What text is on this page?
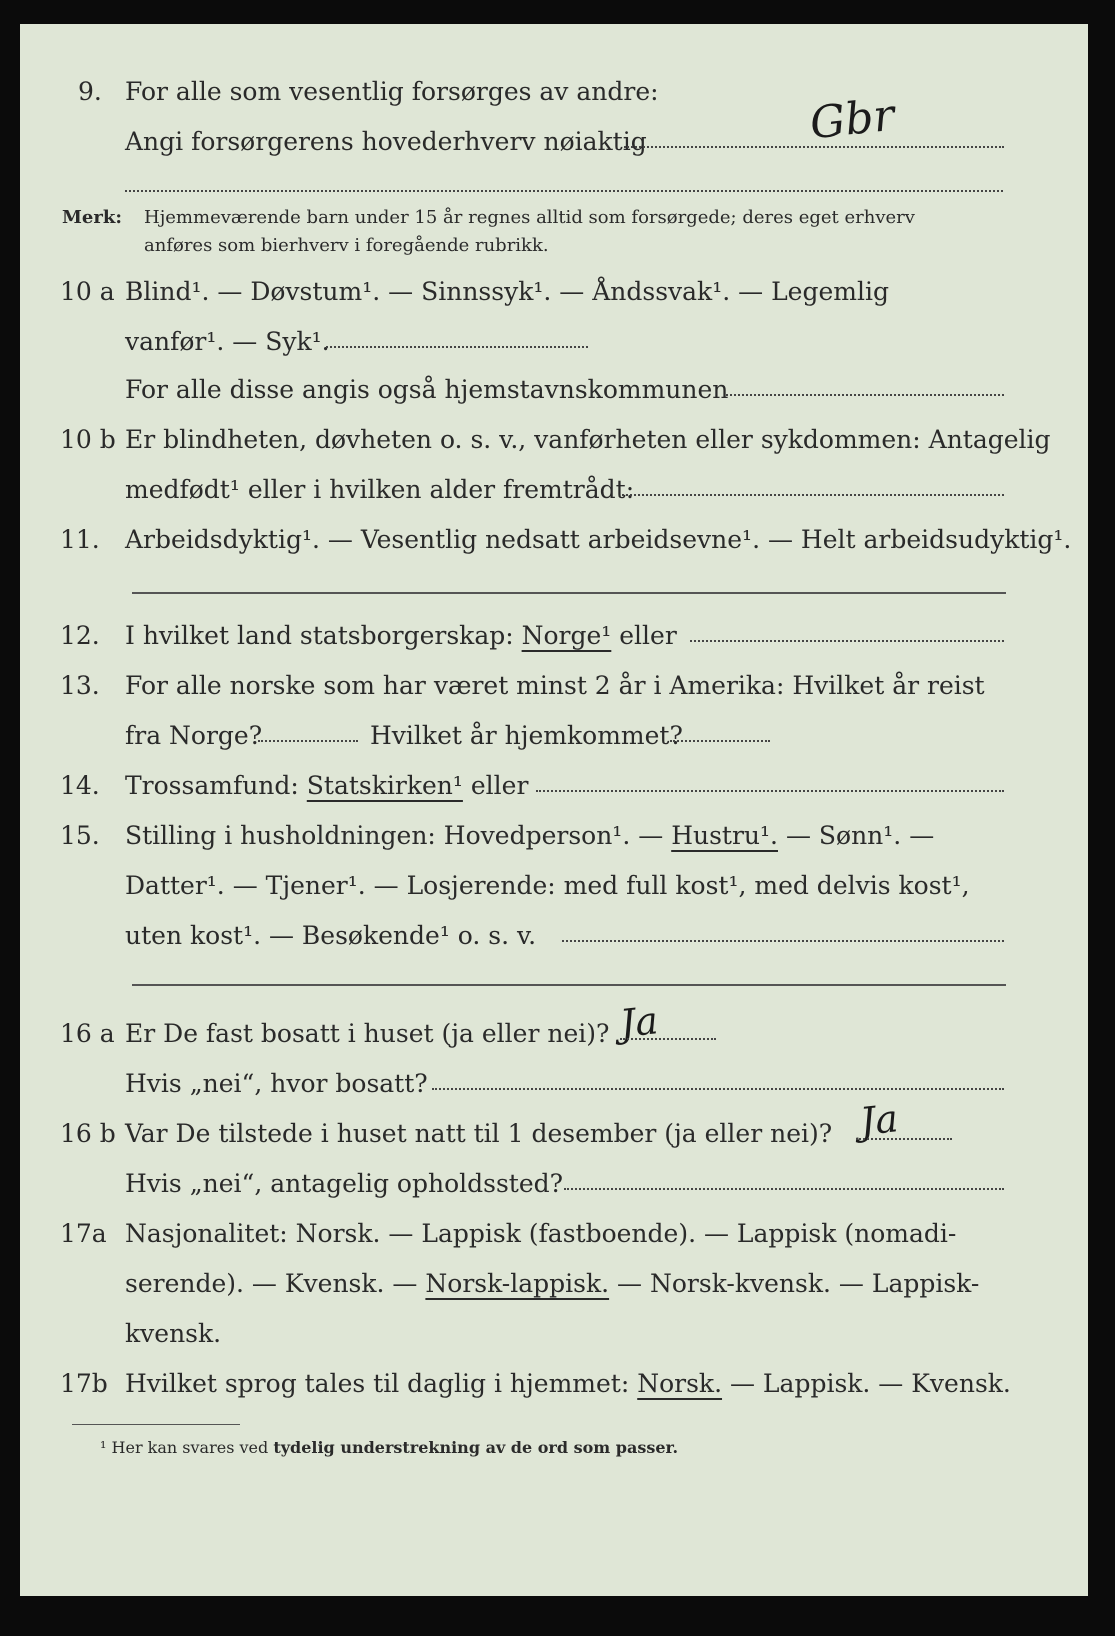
9. For alle som vesentlig forsørges av andre:
Angi forsørgerens hovederhverv nøiaktig	Gbr
Merk: Hjemmeværende barn under 15 år regnes alltid som forsørgede; deres eget erhverv
anføres som bierhverv i foregående rubrikk.
10 a Blind¹. — Døvstum¹. — Sinnssyk¹. — Åndssvak¹. — Legemlig
vanfør¹. — Syk¹.
For alle disse angis også hjemstavnskommunen
10 b Er blindheten, døvheten o. s. v., vanførheten eller sykdommen: Antagelig
medfødt¹ eller i hvilken alder fremtrådt:
11. Arbeidsdyktig¹. — Vesentlig nedsatt arbeidsevne¹. — Helt arbeidsudyktig¹.
12. I hvilket land statsborgerskap: Norge¹ eller
13. For alle norske som har været minst 2 år i Amerika: Hvilket år reist
fra Norge?	Hvilket år hjemkommet?
14. Trossamfund: Statskirken¹ eller
15. Stilling i husholdningen: Hovedperson¹. — Hustru¹. — Sønn¹. —
Datter¹. — Tjener¹. — Losjerende: med full kost¹, med delvis kost¹,
uten kost¹. — Besøkende¹ o. s. v.
16 a Er De fast bosatt i huset (ja eller nei)? Ja
Hvis „nei“, hvor bosatt?
16 b Var De tilstede i huset natt til 1 desember (ja eller nei)? Ja
Hvis „nei“, antagelig opholdssted?
17a Nasjonalitet: Norsk. — Lappisk (fastboende). — Lappisk (nomadi-
serende). — Kvensk. — Norsk-lappisk. — Norsk-kvensk. — Lappisk-
kvensk.
17b Hvilket sprog tales til daglig i hjemmet: Norsk. — Lappisk. — Kvensk.
¹ Her kan svares ved tydelig understrekning av de ord som passer.
